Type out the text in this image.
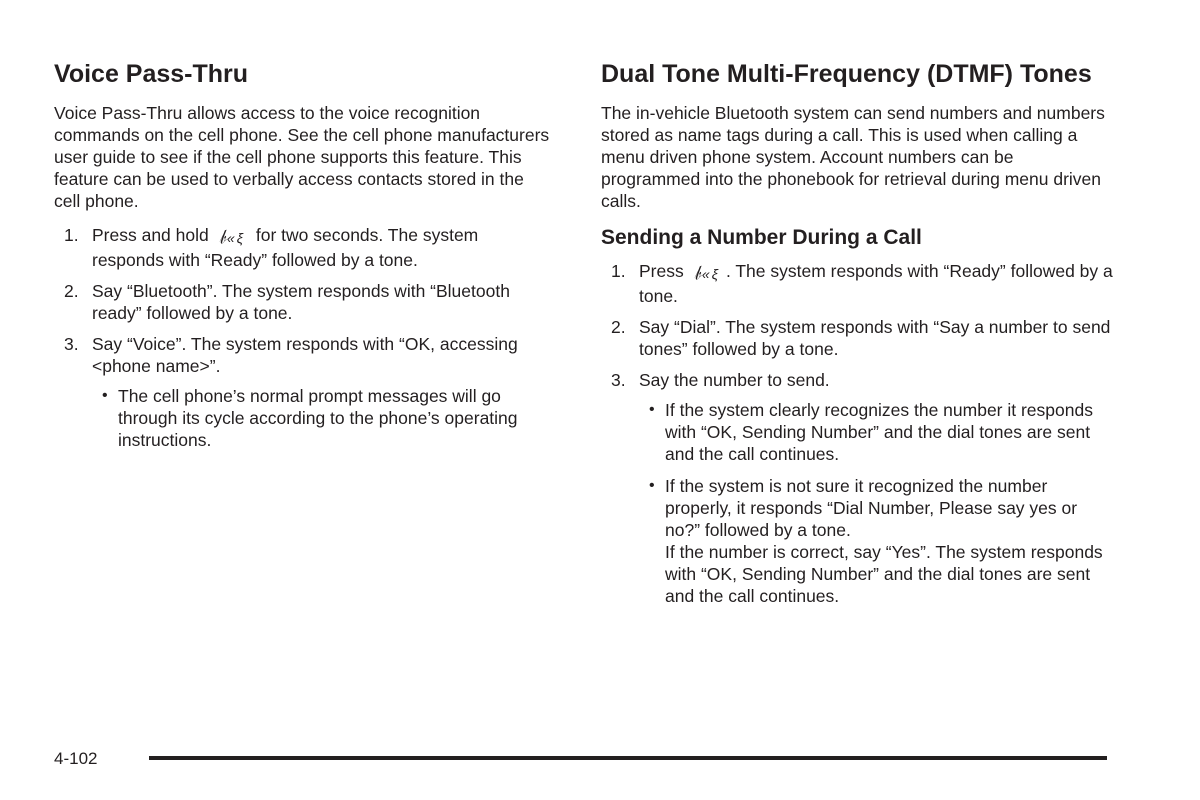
Voice Pass-Thru

Voice Pass-Thru allows access to the voice recognition commands on the cell phone. See the cell phone manufacturers user guide to see if the cell phone supports this feature. This feature can be used to verbally access contacts stored in the cell phone.

1. Press and hold 𝒷«ξ for two seconds. The system responds with “Ready” followed by a tone.
2. Say “Bluetooth”. The system responds with “Bluetooth ready” followed by a tone.
3. Say “Voice”. The system responds with “OK, accessing <phone name>”.
• The cell phone’s normal prompt messages will go through its cycle according to the phone’s operating instructions.
Dual Tone Multi-Frequency (DTMF) Tones

The in-vehicle Bluetooth system can send numbers and numbers stored as name tags during a call. This is used when calling a menu driven phone system. Account numbers can be programmed into the phonebook for retrieval during menu driven calls.

Sending a Number During a Call
1. Press 𝒷«ξ . The system responds with “Ready” followed by a tone.
2. Say “Dial”. The system responds with “Say a number to send tones” followed by a tone.
3. Say the number to send.
• If the system clearly recognizes the number it responds with “OK, Sending Number” and the dial tones are sent and the call continues.
• If the system is not sure it recognized the number properly, it responds “Dial Number, Please say yes or no?” followed by a tone.
If the number is correct, say “Yes”. The system responds with “OK, Sending Number” and the dial tones are sent and the call continues.
4-102
